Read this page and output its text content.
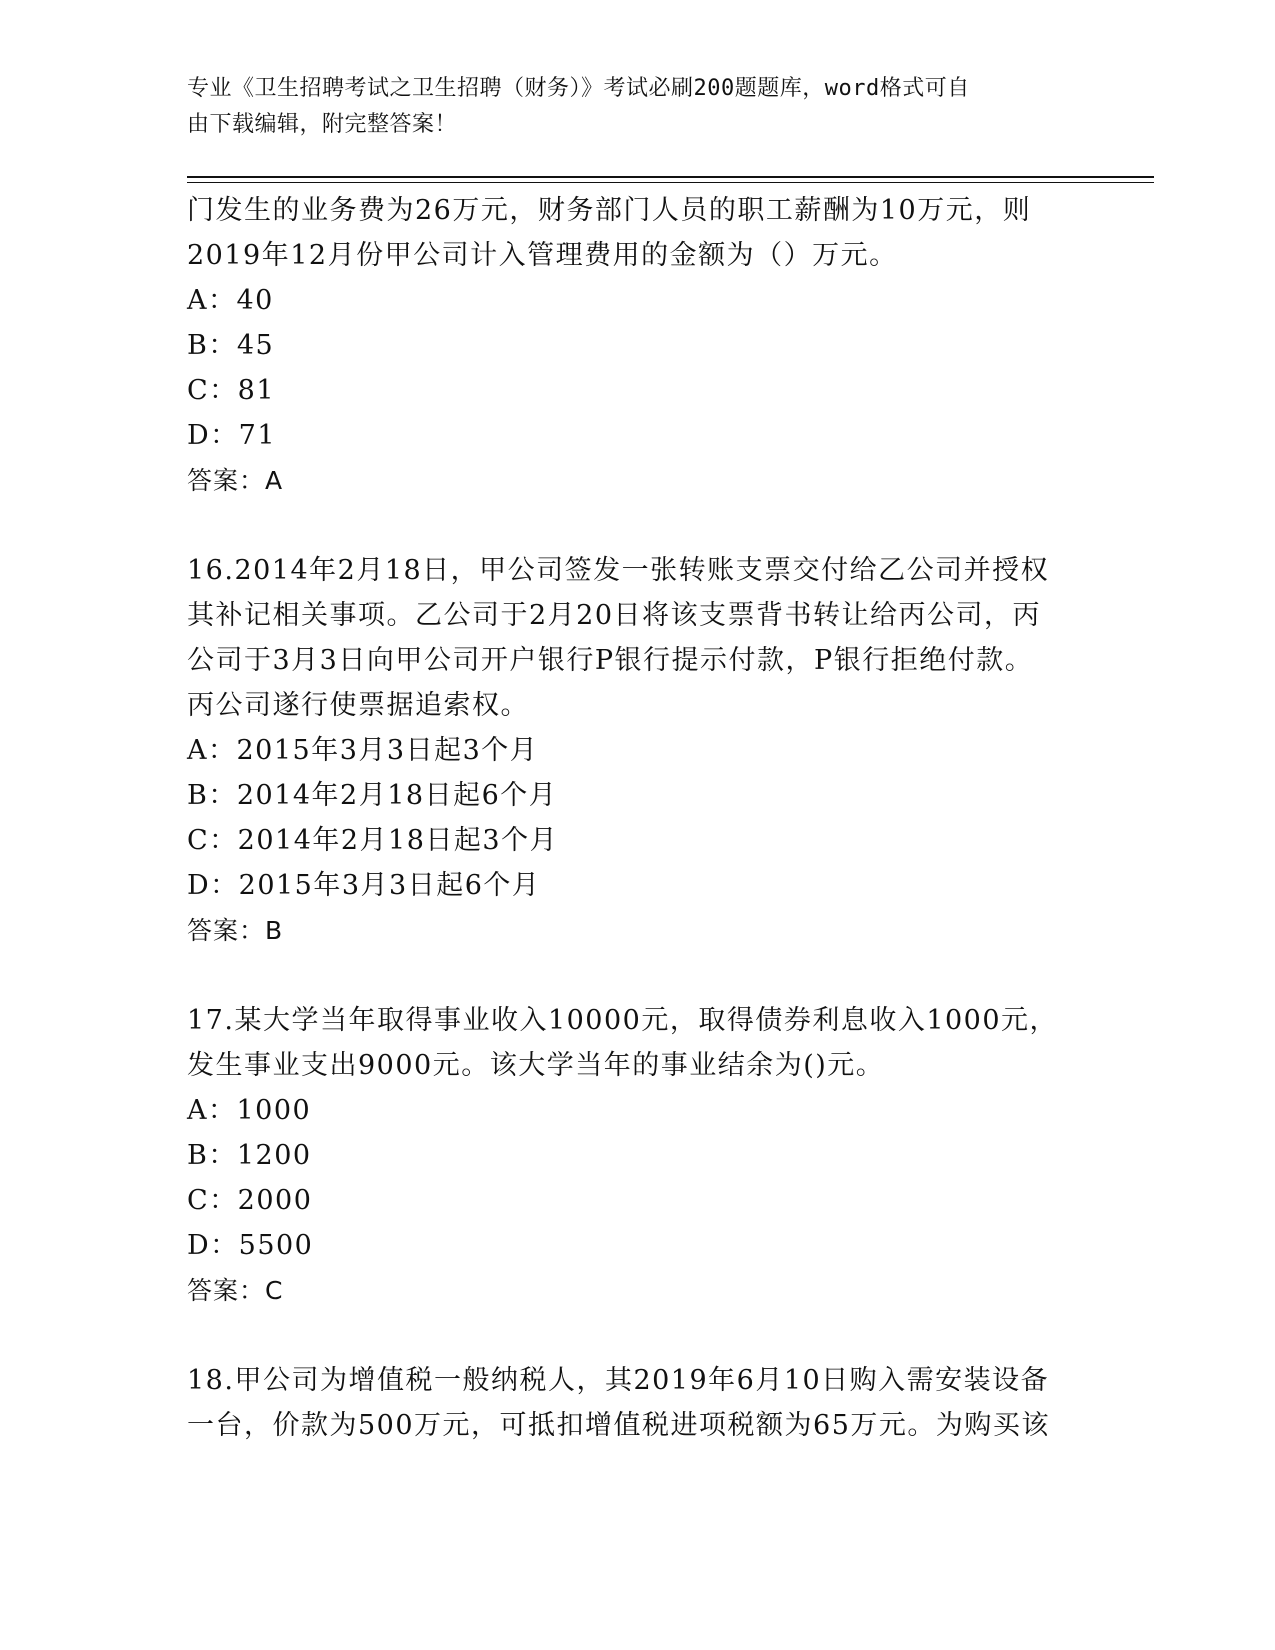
专业《卫生招聘考试之卫生招聘（财务）》考试必刷200题题库，word格式可自
由下载编辑，附完整答案！

门发生的业务费为26万元，财务部门人员的职工薪酬为10万元，则

2019年12月份甲公司计入管理费用的金额为（）万元。

A：40

B：45

C：81

D：71

答案：A

16.2014年2月18日，甲公司签发一张转账支票交付给乙公司并授权

其补记相关事项。乙公司于2月20日将该支票背书转让给丙公司，丙

公司于3月3日向甲公司开户银行P银行提示付款，P银行拒绝付款。

丙公司遂行使票据追索权。

A：2015年3月3日起3个月

B：2014年2月18日起6个月

C：2014年2月18日起3个月

D：2015年3月3日起6个月

答案：B

17.某大学当年取得事业收入10000元，取得债券利息收入1000元，

发生事业支出9000元。该大学当年的事业结余为()元。

A：1000

B：1200

C：2000

D：5500

答案：C

18.甲公司为增值税一般纳税人，其2019年6月10日购入需安装设备

一台，价款为500万元，可抵扣增值税进项税额为65万元。为购买该
